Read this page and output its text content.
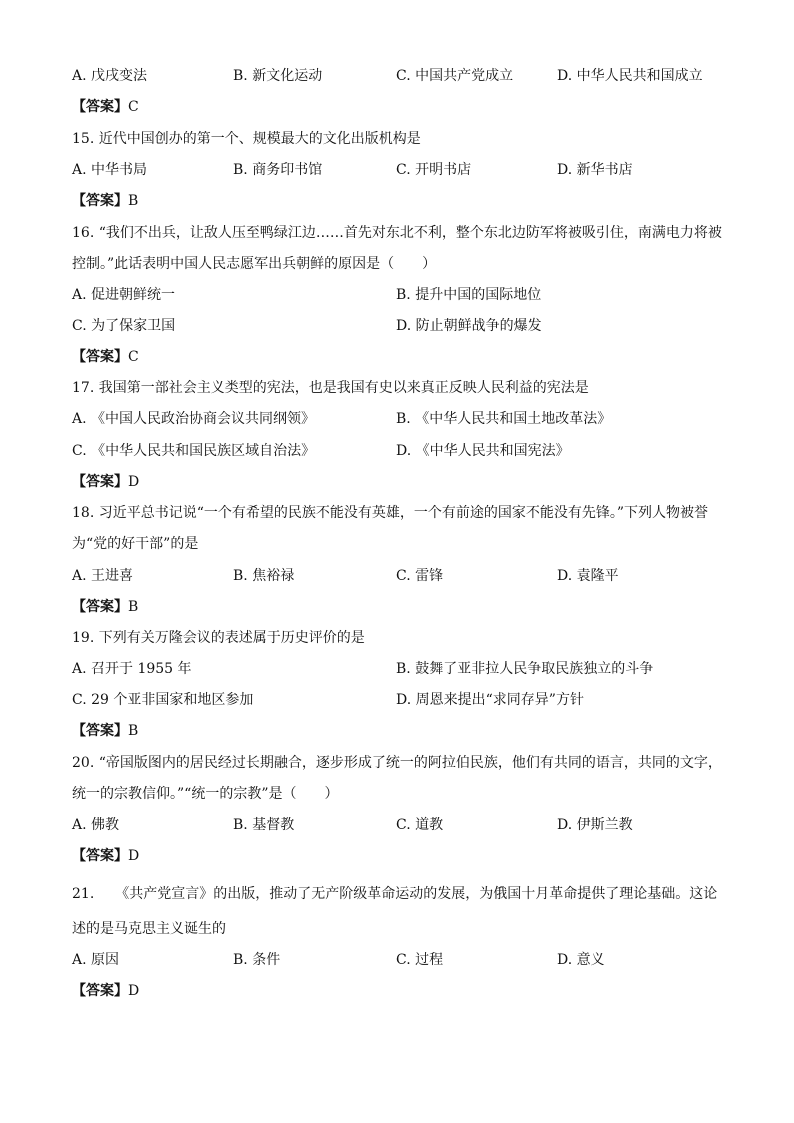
A. 戊戌变法	B. 新文化运动	C. 中国共产党成立	D. 中华人民共和国成立
【答案】C
15. 近代中国创办的第一个、规模最大的文化出版机构是
A. 中华书局	B. 商务印书馆	C. 开明书店	D. 新华书店
【答案】B
16. “我们不出兵，让敌人压至鸭绿江边……首先对东北不利，整个东北边防军将被吸引住，南满电力将被
控制。”此话表明中国人民志愿军出兵朝鲜的原因是（　　）
A. 促进朝鲜统一	B. 提升中国的国际地位
C. 为了保家卫国	D. 防止朝鲜战争的爆发
【答案】C
17. 我国第一部社会主义类型的宪法，也是我国有史以来真正反映人民利益的宪法是
A. 《中国人民政治协商会议共同纲领》	B. 《中华人民共和国土地改革法》
C. 《中华人民共和国民族区域自治法》	D. 《中华人民共和国宪法》
【答案】D
18. 习近平总书记说“一个有希望的民族不能没有英雄，一个有前途的国家不能没有先锋。”下列人物被誉
为“党的好干部”的是
A. 王进喜	B. 焦裕禄	C. 雷锋	D. 袁隆平
【答案】B
19. 下列有关万隆会议的表述属于历史评价的是
A. 召开于 1955 年	B. 鼓舞了亚非拉人民争取民族独立的斗争
C. 29 个亚非国家和地区参加	D. 周恩来提出“求同存异”方针
【答案】B
20. “帝国版图内的居民经过长期融合，逐步形成了统一的阿拉伯民族，他们有共同的语言，共同的文字，
统一的宗教信仰。”“统一的宗教”是（　　）
A. 佛教	B. 基督教	C. 道教	D. 伊斯兰教
【答案】D
21.　　《共产党宣言》的出版，推动了无产阶级革命运动的发展，为俄国十月革命提供了理论基础。这论
述的是马克思主义诞生的
A. 原因	B. 条件	C. 过程	D. 意义
【答案】D
